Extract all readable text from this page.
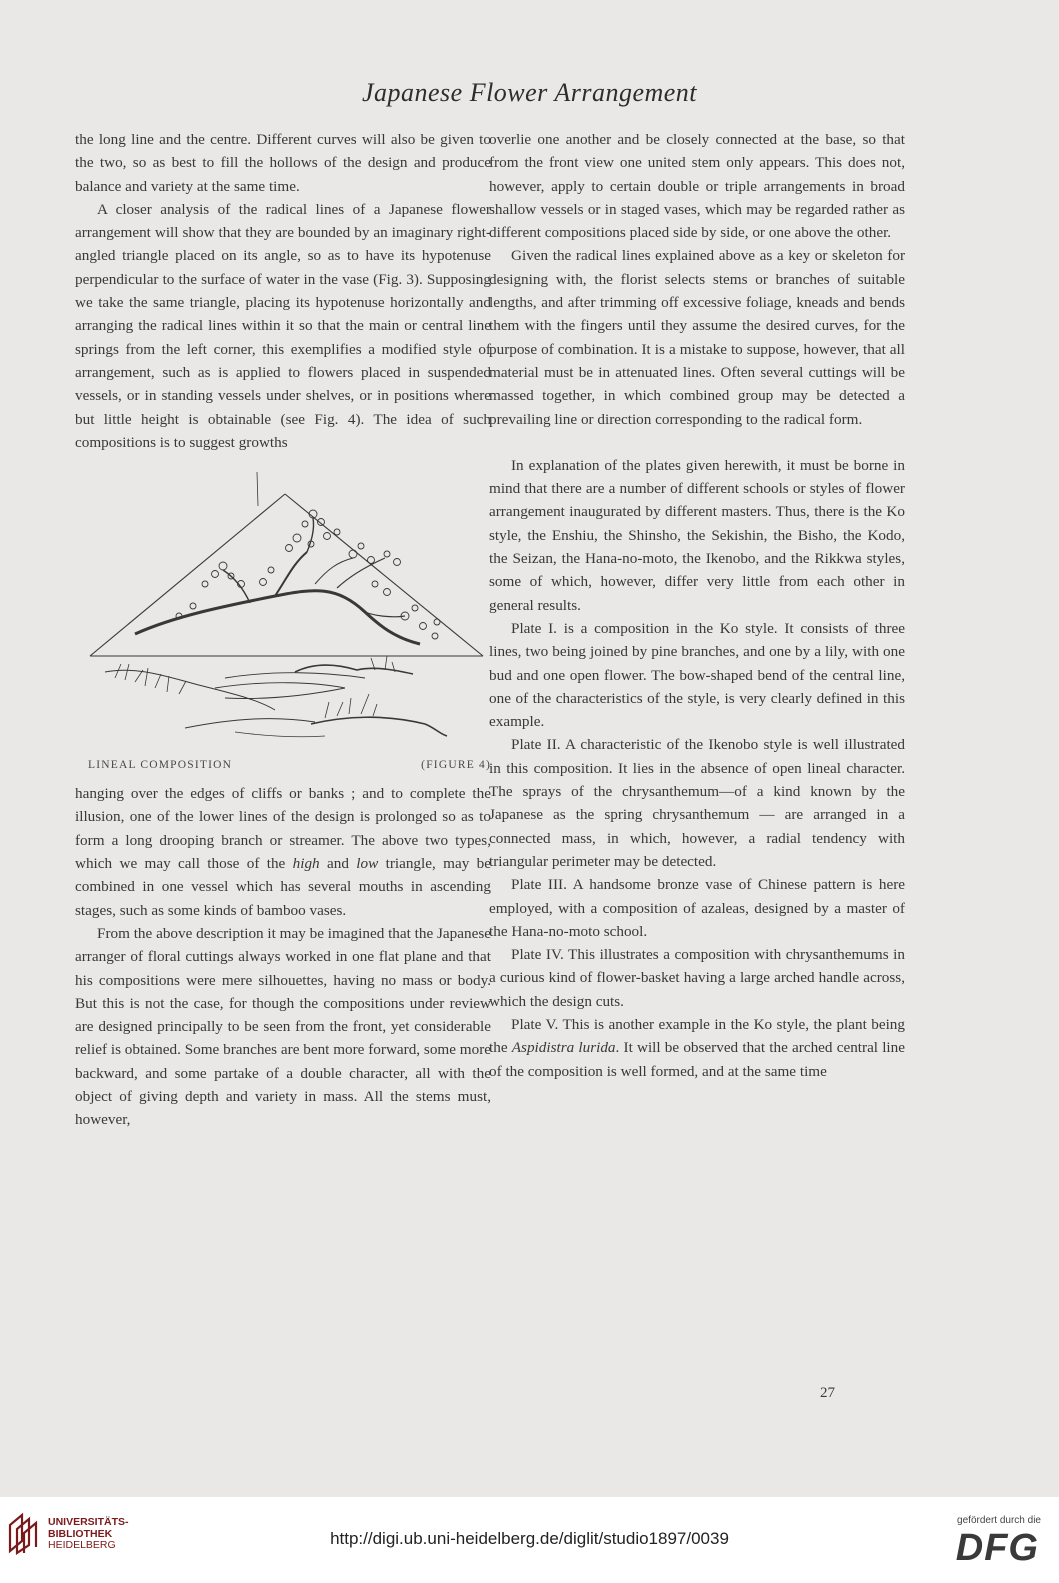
Japanese Flower Arrangement

the long line and the centre. Different curves will also be given to the two, so as best to fill the hollows of the design and produce balance and variety at the same time.

A closer analysis of the radical lines of a Japanese flower arrangement will show that they are bounded by an imaginary right-angled triangle placed on its angle, so as to have its hypotenuse perpendicular to the surface of water in the vase (Fig. 3). Supposing we take the same triangle, placing its hypotenuse horizontally and arranging the radical lines within it so that the main or central line springs from the left corner, this exemplifies a modified style of arrangement, such as is applied to flowers placed in suspended vessels, or in standing vessels under shelves, or in positions where but little height is obtainable (see Fig. 4). The idea of such compositions is to suggest growths

LINEAL COMPOSITION	(FIGURE 4)

hanging over the edges of cliffs or banks ; and to complete the illusion, one of the lower lines of the design is prolonged so as to form a long drooping branch or streamer. The above two types, which we may call those of the high and low triangle, may be combined in one vessel which has several mouths in ascending stages, such as some kinds of bamboo vases.

From the above description it may be imagined that the Japanese arranger of floral cuttings always worked in one flat plane and that his compositions were mere silhouettes, having no mass or body. But this is not the case, for though the compositions under review are designed principally to be seen from the front, yet considerable relief is obtained. Some branches are bent more forward, some more backward, and some partake of a double character, all with the object of giving depth and variety in mass. All the stems must, however,

overlie one another and be closely connected at the base, so that from the front view one united stem only appears. This does not, however, apply to certain double or triple arrangements in broad shallow vessels or in staged vases, which may be regarded rather as different compositions placed side by side, or one above the other.

Given the radical lines explained above as a key or skeleton for designing with, the florist selects stems or branches of suitable lengths, and after trimming off excessive foliage, kneads and bends them with the fingers until they assume the desired curves, for the purpose of combination. It is a mistake to suppose, however, that all material must be in attenuated lines. Often several cuttings will be massed together, in which combined group may be detected a prevailing line or direction corresponding to the radical form.

In explanation of the plates given herewith, it must be borne in mind that there are a number of different schools or styles of flower arrangement inaugurated by different masters. Thus, there is the Ko style, the Enshiu, the Shinsho, the Sekishin, the Bisho, the Kodo, the Seizan, the Hana-no-moto, the Ikenobo, and the Rikkwa styles, some of which, however, differ very little from each other in general results.

Plate I. is a composition in the Ko style. It consists of three lines, two being joined by pine branches, and one by a lily, with one bud and one open flower. The bow-shaped bend of the central line, one of the characteristics of the style, is very clearly defined in this example.

Plate II. A characteristic of the Ikenobo style is well illustrated in this composition. It lies in the absence of open lineal character. The sprays of the chrysanthemum—of a kind known by the Japanese as the spring chrysanthemum — are arranged in a connected mass, in which, however, a radial tendency with triangular perimeter may be detected.

Plate III. A handsome bronze vase of Chinese pattern is here employed, with a composition of azaleas, designed by a master of the Hana-no-moto school.

Plate IV. This illustrates a composition with chrysanthemums in a curious kind of flower-basket having a large arched handle across, which the design cuts.

Plate V. This is another example in the Ko style, the plant being the Aspidistra lurida. It will be observed that the arched central line of the composition is well formed, and at the same time

27
UNIVERSITÄTS-
BIBLIOTHEK
HEIDELBERG	http://digi.ub.uni-heidelberg.de/diglit/studio1897/0039
gefördert durch die
DFG
